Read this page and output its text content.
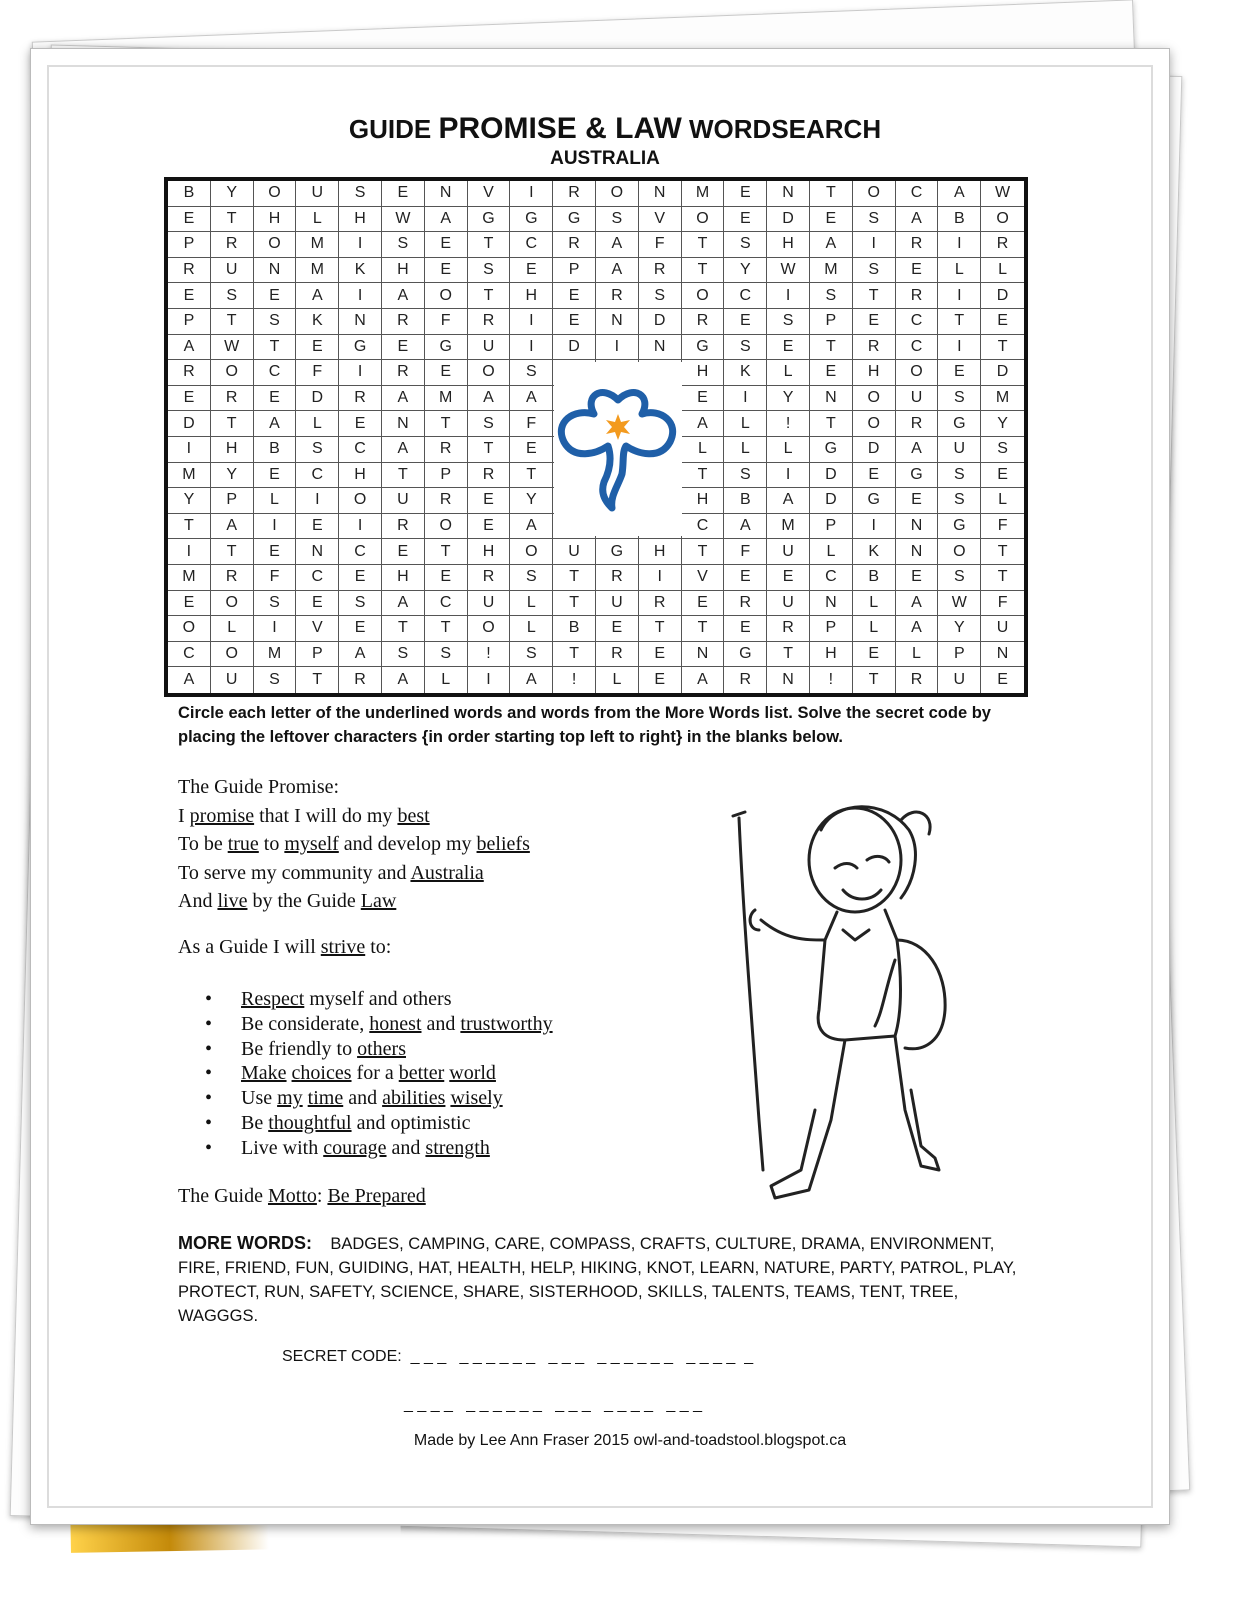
GUIDE PROMISE & LAW WORDSEARCH
AUSTRALIA
B	Y	O	U	S	E	N	V	I	R	O	N	M	E	N	T	O	C	A	W
E	T	H	L	H	W	A	G	G	G	S	V	O	E	D	E	S	A	B	O
P	R	O	M	I	S	E	T	C	R	A	F	T	S	H	A	I	R	I	R
R	U	N	M	K	H	E	S	E	P	A	R	T	Y	W	M	S	E	L	L
E	S	E	A	I	A	O	T	H	E	R	S	O	C	I	S	T	R	I	D
P	T	S	K	N	R	F	R	I	E	N	D	R	E	S	P	E	C	T	E
A	W	T	E	G	E	G	U	I	D	I	N	G	S	E	T	R	C	I	T
R	O	C	F	I	R	E	O	S	H	K	L	E	H	O	E	D
E	R	E	D	R	A	M	A	A	E	I	Y	N	O	U	S	M
D	T	A	L	E	N	T	S	F	A	L	!	T	O	R	G	Y
I	H	B	S	C	A	R	T	E	L	L	L	G	D	A	U	S
M	Y	E	C	H	T	P	R	T	T	S	I	D	E	G	S	E
Y	P	L	I	O	U	R	E	Y	H	B	A	D	G	E	S	L
T	A	I	E	I	R	O	E	A	C	A	M	P	I	N	G	F
I	T	E	N	C	E	T	H	O	U	G	H	T	F	U	L	K	N	O	T
M	R	F	C	E	H	E	R	S	T	R	I	V	E	E	C	B	E	S	T
E	O	S	E	S	A	C	U	L	T	U	R	E	R	U	N	L	A	W	F
O	L	I	V	E	T	T	O	L	B	E	T	T	E	R	P	L	A	Y	U
C	O	M	P	A	S	S	!	S	T	R	E	N	G	T	H	E	L	P	N
A	U	S	T	R	A	L	I	A	!	L	E	A	R	N	!	T	R	U	E
Circle each letter of the underlined words and words from the More Words list. Solve the secret code by placing the leftover characters {in order starting top left to right} in the blanks below.
The Guide Promise:
I promise that I will do my best
To be true to myself and develop my beliefs
To serve my community and Australia
And live by the Guide Law
As a Guide I will strive to:
• Respect myself and others
• Be considerate, honest and trustworthy
• Be friendly to others
• Make choices for a better world
• Use my time and abilities wisely
• Be thoughtful and optimistic
• Live with courage and strength
The Guide Motto: Be Prepared
MORE WORDS: BADGES, CAMPING, CARE, COMPASS, CRAFTS, CULTURE, DRAMA, ENVIRONMENT, FIRE, FRIEND, FUN, GUIDING, HAT, HEALTH, HELP, HIKING, KNOT, LEARN, NATURE, PARTY, PATROL, PLAY, PROTECT, RUN, SAFETY, SCIENCE, SHARE, SISTERHOOD, SKILLS, TALENTS, TEAMS, TENT, TREE, WAGGGS.
SECRET CODE: _ _ _   _ _ _ _ _ _   _ _ _   _ _ _ _ _ _   _ _ _ _  _
_ _ _ _   _ _ _ _ _ _   _ _ _   _ _ _ _   _ _ _
Made by Lee Ann Fraser 2015 owl-and-toadstool.blogspot.ca
